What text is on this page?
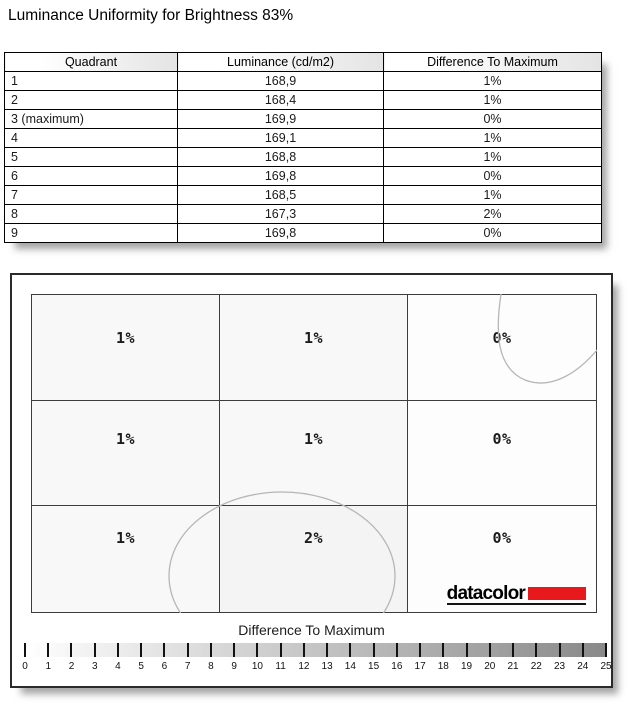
Luminance Uniformity for Brightness 83%
Quadrant	Luminance (cd/m2)	Difference To Maximum
1	168,9	1%
2	168,4	1%
3 (maximum)	169,9	0%
4	169,1	1%
5	168,8	1%
6	169,8	0%
7	168,5	1%
8	167,3	2%
9	169,8	0%
1%	1%	0%
1%	1%	0%
1%	2%	0%
datacolor
Difference To Maximum
0 1 2 3 4 5 6 7 8 9 10 11 12 13 14 15 16 17 18 19 20 21 22 23 24 25
